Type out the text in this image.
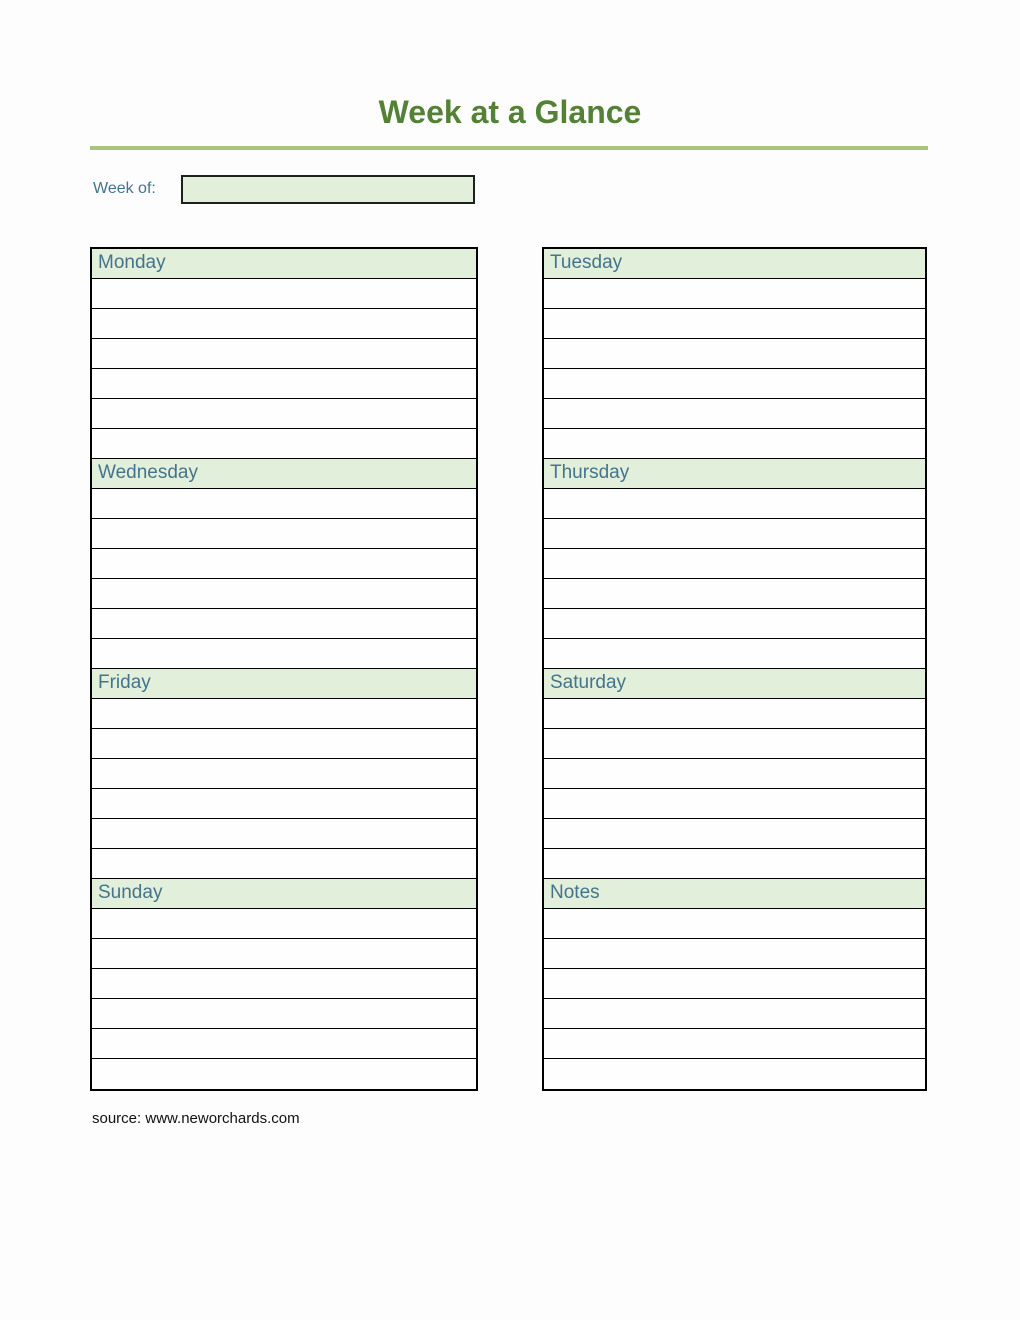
Week at a Glance
Week of:
Monday
Wednesday
Friday
Sunday
Tuesday
Thursday
Saturday
Notes
source: www.neworchards.com
